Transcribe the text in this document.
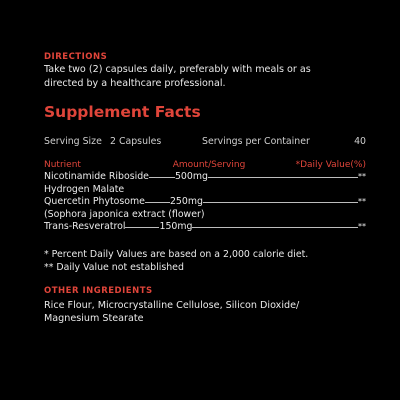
DIRECTIONS
Take two (2) capsules daily, preferably with meals or as
directed by a healthcare professional.
Supplement Facts
Serving Size 2 Capsules	Servings per Container	40
Nutrient	Amount/Serving	*Daily Value(%)
Nicotinamide Riboside	500mg	**
Hydrogen Malate
Quercetin Phytosome	250mg	**
(Sophora japonica extract (flower)
Trans-Resveratrol	150mg	**
* Percent Daily Values are based on a 2,000 calorie diet.
** Daily Value not established
OTHER INGREDIENTS
Rice Flour, Microcrystalline Cellulose, Silicon Dioxide/
Magnesium Stearate
